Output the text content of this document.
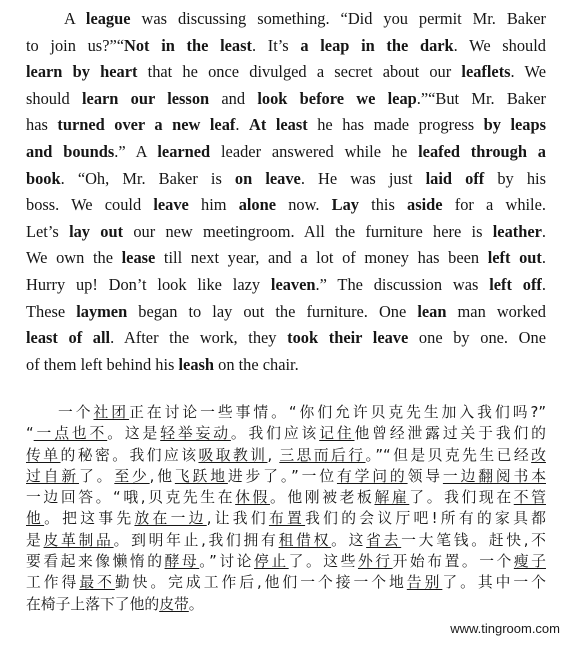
A league was discussing something. “Did you permit Mr. Baker
to join us?”“Not in the least. It’s a leap in the dark. We should
learn by heart that he once divulged a secret about our leaflets. We
should learn our lesson and look before we leap.”“But Mr. Baker
has turned over a new leaf. At least he has made progress by leaps
and bounds.” A learned leader answered while he leafed through a
book. “Oh, Mr. Baker is on leave. He was just laid off by his
boss. We could leave him alone now. Lay this aside for a while.
Let’s lay out our new meetingroom. All the furniture here is leather.
We own the lease till next year, and a lot of money has been left out.
Hurry up! Don’t look like lazy leaven.” The discussion was left off.
These laymen began to lay out the furniture. One lean man worked
least of all. After the work, they took their leave one by one. One
of them left behind his leash on the chair.
一个社团正在讨论一些事情。“你们允许贝克先生加入我们吗?”
“一点也不。这是轻举妄动。我们应该记住他曾经泄露过关于我们的
传单的秘密。我们应该吸取教训, 三思而后行。”“但是贝克先生已经改
过自新了。至少,他飞跃地进步了。”一位有学问的领导一边翻阅书本
一边回答。“哦,贝克先生在休假。他刚被老板解雇了。我们现在不管
他。把这事先放在一边,让我们布置我们的会议厅吧!所有的家具都
是皮革制品。到明年止,我们拥有租借权。这省去一大笔钱。赶快,不
要看起来像懒惰的酵母。”讨论停止了。这些外行开始布置。一个瘦子
工作得最不勤快。完成工作后,他们一个接一个地告别了。其中一个
在椅子上落下了他的皮带。
www.tingroom.com
